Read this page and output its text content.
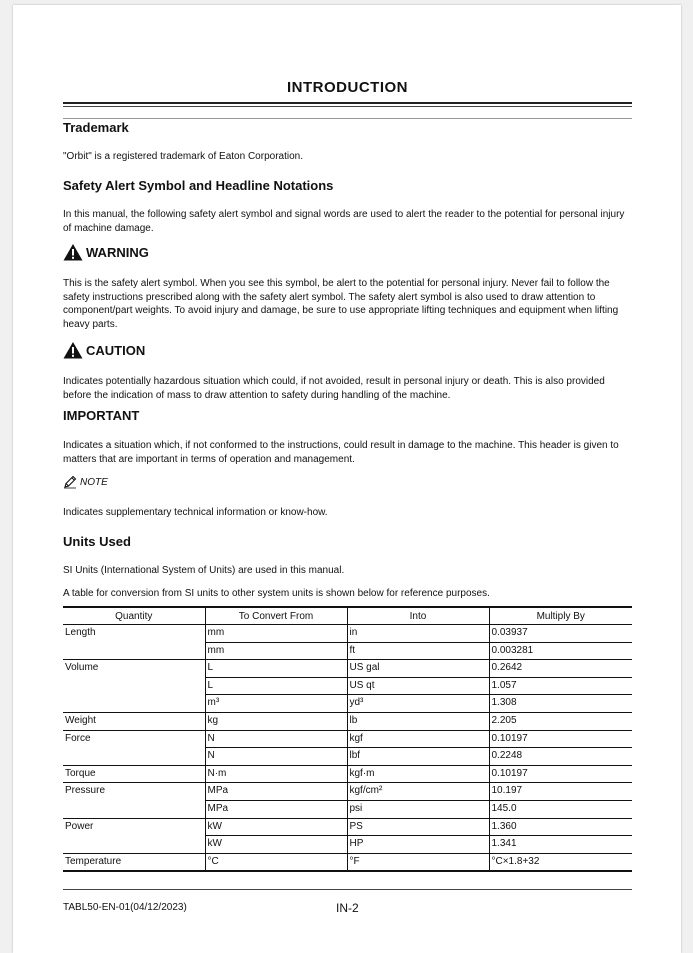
INTRODUCTION
Trademark
"Orbit" is a registered trademark of Eaton Corporation.
Safety Alert Symbol and Headline Notations
In this manual, the following safety alert symbol and signal words are used to alert the reader to the potential for personal injury of machine damage.
WARNING
This is the safety alert symbol. When you see this symbol, be alert to the potential for personal injury. Never fail to follow the safety instructions prescribed along with the safety alert symbol. The safety alert symbol is also used to draw attention to component/part weights. To avoid injury and damage, be sure to use appropriate lifting techniques and equipment when lifting heavy parts.
CAUTION
Indicates potentially hazardous situation which could, if not avoided, result in personal injury or death. This is also provided before the indication of mass to draw attention to safety during handling of the machine.
IMPORTANT
Indicates a situation which, if not conformed to the instructions, could result in damage to the machine. This header is given to matters that are important in terms of operation and management.
NOTE
Indicates supplementary technical information or know-how.
Units Used
SI Units (International System of Units) are used in this manual.
A table for conversion from SI units to other system units is shown below for reference purposes.
Quantity	To Convert From	Into	Multiply By
Length	mm	in	0.03937
	mm	ft	0.003281
Volume	L	US gal	0.2642
	L	US qt	1.057
	m³	yd³	1.308
Weight	kg	lb	2.205
Force	N	kgf	0.10197
	N	lbf	0.2248
Torque	N·m	kgf·m	0.10197
Pressure	MPa	kgf/cm²	10.197
	MPa	psi	145.0
Power	kW	PS	1.360
	kW	HP	1.341
Temperature	°C	°F	°C×1.8+32
TABL50-EN-01(04/12/2023)	IN-2
